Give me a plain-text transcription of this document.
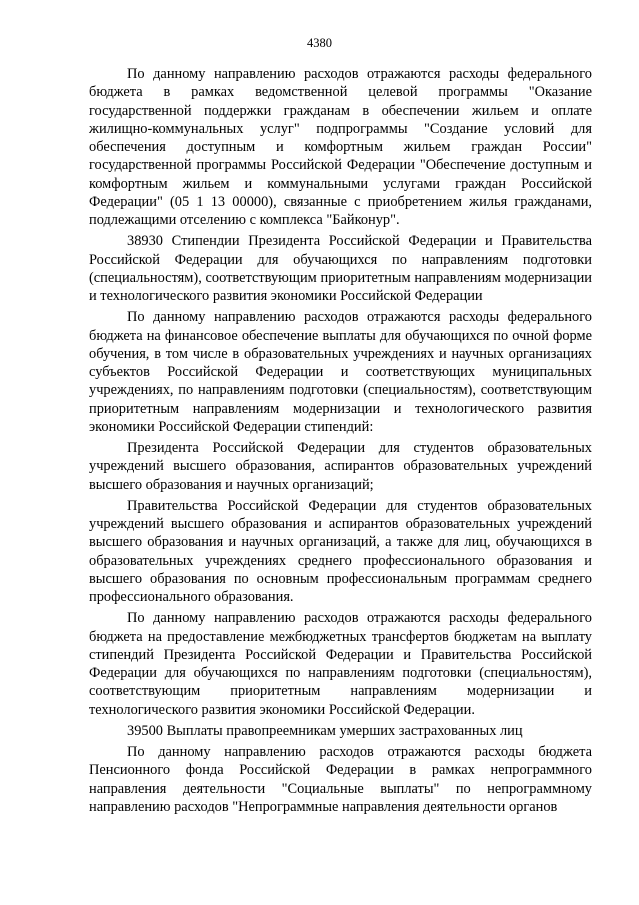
4380

По данному направлению расходов отражаются расходы федерального бюджета в рамках ведомственной целевой программы "Оказание государственной поддержки гражданам в обеспечении жильем и оплате жилищно-коммунальных услуг" подпрограммы "Создание условий для обеспечения доступным и комфортным жильем граждан России" государственной программы Российской Федерации "Обеспечение доступным и комфортным жильем и коммунальными услугами граждан Российской Федерации" (05 1 13 00000), связанные с приобретением жилья гражданами, подлежащими отселению с комплекса "Байконур".

38930 Стипендии Президента Российской Федерации и Правительства Российской Федерации для обучающихся по направлениям подготовки (специальностям), соответствующим приоритетным направлениям модернизации и технологического развития экономики Российской Федерации

По данному направлению расходов отражаются расходы федерального бюджета на финансовое обеспечение выплаты для обучающихся по очной форме обучения, в том числе в образовательных учреждениях и научных организациях субъектов Российской Федерации и соответствующих муниципальных учреждениях, по направлениям подготовки (специальностям), соответствующим приоритетным направлениям модернизации и технологического развития экономики Российской Федерации стипендий:

Президента Российской Федерации для студентов образовательных учреждений высшего образования, аспирантов образовательных учреждений высшего образования и научных организаций;

Правительства Российской Федерации для студентов образовательных учреждений высшего образования и аспирантов образовательных учреждений высшего образования и научных организаций, а также для лиц, обучающихся в образовательных учреждениях среднего профессионального образования и высшего образования по основным профессиональным программам среднего профессионального образования.

По данному направлению расходов отражаются расходы федерального бюджета на предоставление межбюджетных трансфертов бюджетам на выплату стипендий Президента Российской Федерации и Правительства Российской Федерации для обучающихся по направлениям подготовки (специальностям), соответствующим приоритетным направлениям модернизации и технологического развития экономики Российской Федерации.

39500 Выплаты правопреемникам умерших застрахованных лиц

По данному направлению расходов отражаются расходы бюджета Пенсионного фонда Российской Федерации в рамках непрограммного направления деятельности "Социальные выплаты" по непрограммному направлению расходов "Непрограммные направления деятельности органов
